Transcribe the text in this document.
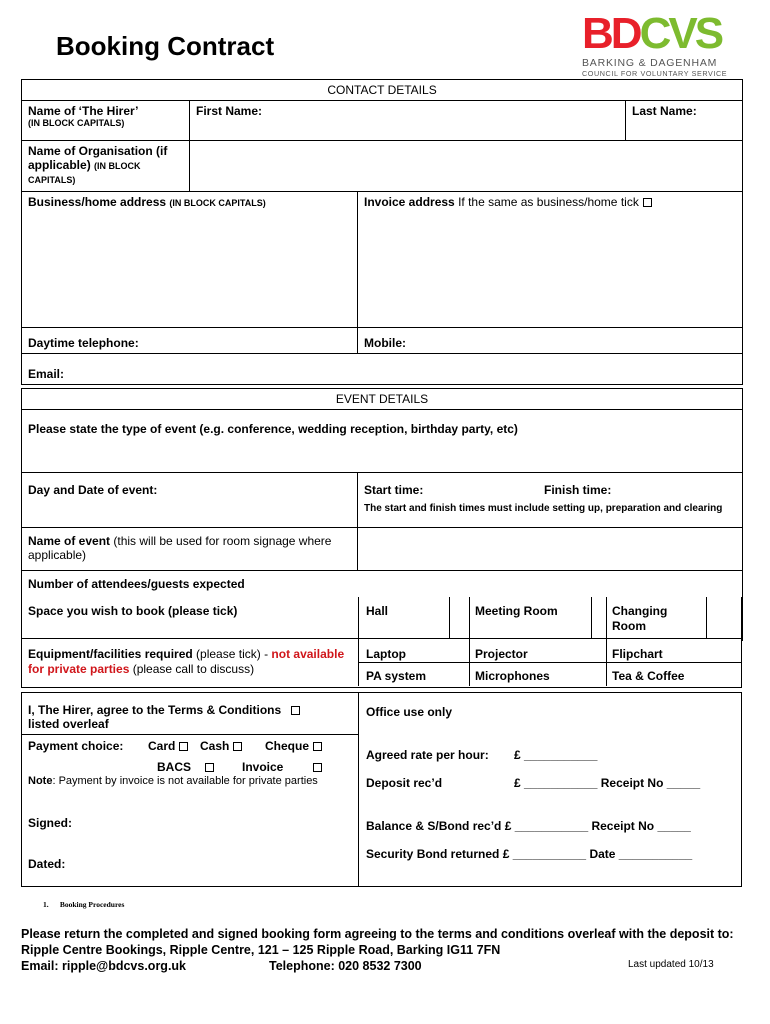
Booking Contract	BDCVS
BARKING & DAGENHAM
COUNCIL FOR VOLUNTARY SERVICE
CONTACT DETAILS			

Name of ‘The Hirer’
(IN BLOCK CAPITALS)	First Name:		Last Name:
Name of Organisation (if applicable) (IN BLOCK CAPITALS)			
Business/home address (IN BLOCK CAPITALS)		Invoice address If the same as business/home tick	
Daytime telephone:		Mobile:	
Email:			
EVENT DETAILS		
Please state the type of event (e.g. conference, wedding reception, birthday party, etc)		
Day and Date of event:	Start time: Finish time:
The start and finish times must include setting up, preparation and clearing	

Name of event (this will be used for room signage where applicable)		
Number of attendees/guests expected		

Space you wish to book (please tick)	Hall	Meeting Room	Changing Room
Equipment/facilities required (please tick) - not available for private parties (please call to discuss)
Laptop	Projector	Flipchart
PA system	Microphones	Tea & Coffee
I, The Hirer, agree to the Terms & Conditions
listed overleaf
Payment choice: Card	Cash	Cheque
BACS	Invoice
Note: Payment by invoice is not available for private parties
Signed:
Dated:
Office use only
Agreed rate per hour: £ ___________
Deposit rec’d	£ ___________ Receipt No _____
Balance & S/Bond rec’d £ ___________ Receipt No _____
Security Bond returned £ ___________ Date ___________
1.      Booking Procedures
Please return the completed and signed booking form agreeing to the terms and conditions overleaf with the deposit to:
Ripple Centre Bookings, Ripple Centre, 121 – 125 Ripple Road, Barking IG11 7FN
Email: ripple@bdcvs.org.uk	Telephone: 020 8532 7300	Last updated 10/13
